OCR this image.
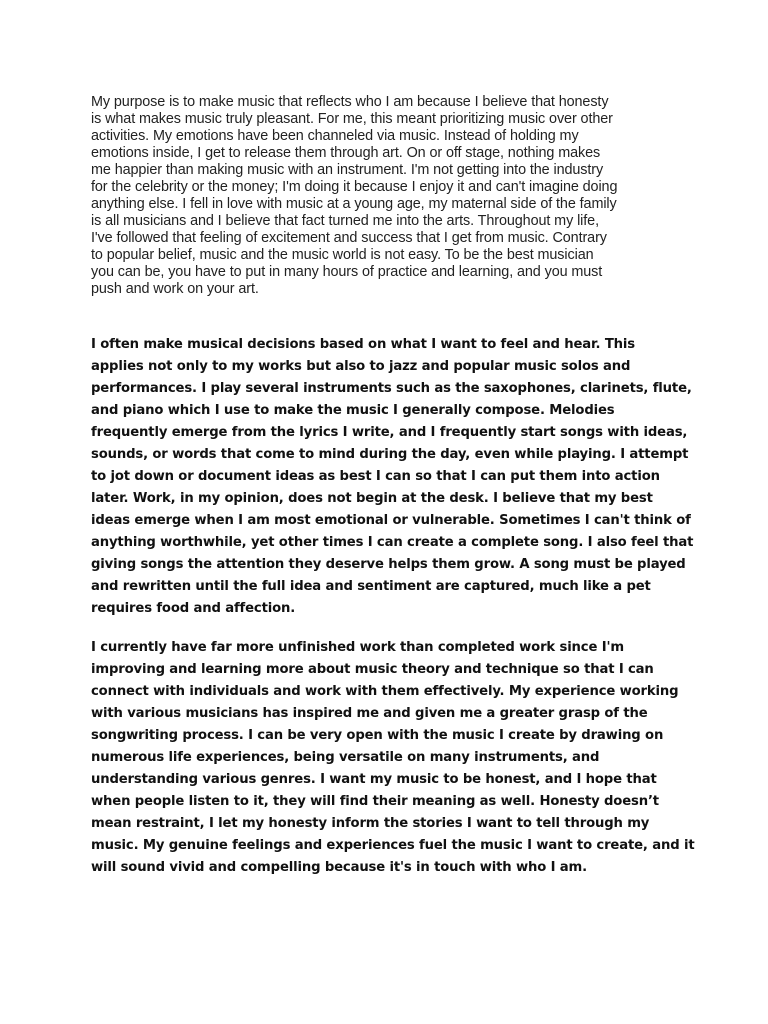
My purpose is to make music that reflects who I am because I believe that honesty
is what makes music truly pleasant. For me, this meant prioritizing music over other
activities. My emotions have been channeled via music. Instead of holding my
emotions inside, I get to release them through art. On or off stage, nothing makes
me happier than making music with an instrument. I'm not getting into the industry
for the celebrity or the money; I'm doing it because I enjoy it and can't imagine doing
anything else. I fell in love with music at a young age, my maternal side of the family
is all musicians and I believe that fact turned me into the arts. Throughout my life,
I've followed that feeling of excitement and success that I get from music. Contrary
to popular belief, music and the music world is not easy. To be the best musician
you can be, you have to put in many hours of practice and learning, and you must
push and work on your art.
I often make musical decisions based on what I want to feel and hear. This
applies not only to my works but also to jazz and popular music solos and
performances. I play several instruments such as the saxophones, clarinets, flute,
and piano which I use to make the music I generally compose. Melodies
frequently emerge from the lyrics I write, and I frequently start songs with ideas,
sounds, or words that come to mind during the day, even while playing. I attempt
to jot down or document ideas as best I can so that I can put them into action
later. Work, in my opinion, does not begin at the desk. I believe that my best
ideas emerge when I am most emotional or vulnerable. Sometimes I can't think of
anything worthwhile, yet other times I can create a complete song. I also feel that
giving songs the attention they deserve helps them grow. A song must be played
and rewritten until the full idea and sentiment are captured, much like a pet
requires food and affection.
I currently have far more unfinished work than completed work since I'm
improving and learning more about music theory and technique so that I can
connect with individuals and work with them effectively. My experience working
with various musicians has inspired me and given me a greater grasp of the
songwriting process. I can be very open with the music I create by drawing on
numerous life experiences, being versatile on many instruments, and
understanding various genres. I want my music to be honest, and I hope that
when people listen to it, they will find their meaning as well. Honesty doesn’t
mean restraint, I let my honesty inform the stories I want to tell through my
music. My genuine feelings and experiences fuel the music I want to create, and it
will sound vivid and compelling because it's in touch with who I am.
